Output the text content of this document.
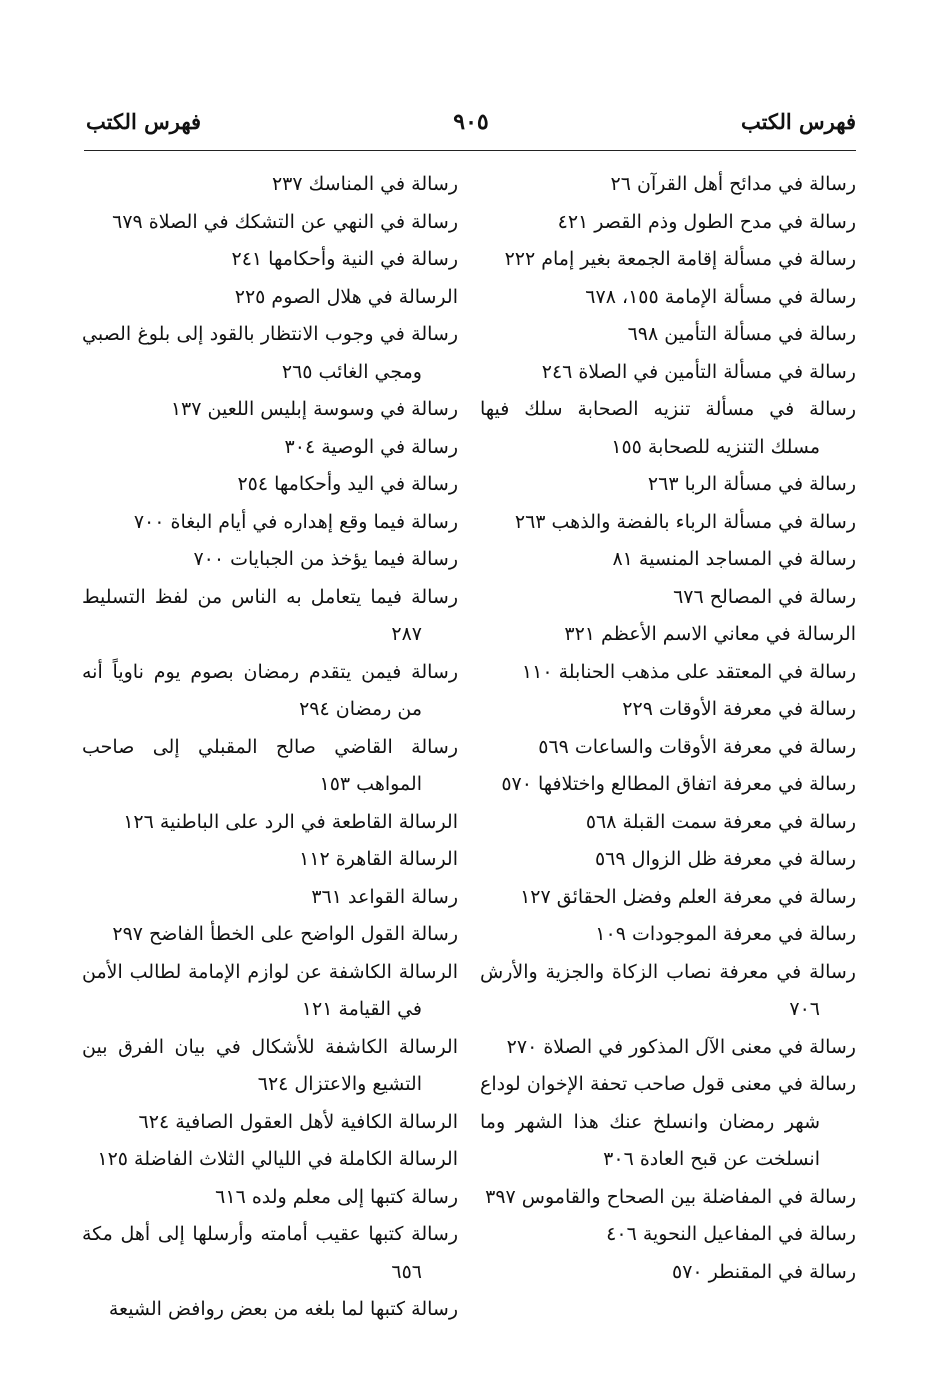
فهرس الكتب
٩٠٥
فهرس الكتب
رسالة في مدائح أهل القرآن ٢٦
رسالة في مدح الطول وذم القصر ٤٢١
رسالة في مسألة إقامة الجمعة بغير إمام ٢٢٢
رسالة في مسألة الإمامة ١٥٥، ٦٧٨
رسالة في مسألة التأمين ٦٩٨
رسالة في مسألة التأمين في الصلاة ٢٤٦
رسالة في مسألة تنزيه الصحابة سلك فيها مسلك التنزيه للصحابة ١٥٥
رسالة في مسألة الربا ٢٦٣
رسالة في مسألة الرباء بالفضة والذهب ٢٦٣
رسالة في المساجد المنسية ٨١
رسالة في المصالح ٦٧٦
الرسالة في معاني الاسم الأعظم ٣٢١
رسالة في المعتقد على مذهب الحنابلة ١١٠
رسالة في معرفة الأوقات ٢٢٩
رسالة في معرفة الأوقات والساعات ٥٦٩
رسالة في معرفة اتفاق المطالع واختلافها ٥٧٠
رسالة في معرفة سمت القبلة ٥٦٨
رسالة في معرفة ظل الزوال ٥٦٩
رسالة في معرفة العلم وفضل الحقائق ١٢٧
رسالة في معرفة الموجودات ١٠٩
رسالة في معرفة نصاب الزكاة والجزية والأرش ٧٠٦
رسالة في معنى الآل المذكور في الصلاة ٢٧٠
رسالة في معنى قول صاحب تحفة الإخوان لوداع شهر رمضان وانسلخ عنك هذا الشهر وما انسلخت عن قبح العادة ٣٠٦
رسالة في المفاضلة بين الصحاح والقاموس ٣٩٧
رسالة في المفاعيل النحوية ٤٠٦
رسالة في المقنطر ٥٧٠
رسالة في المناسك ٢٣٧
رسالة في النهي عن التشكك في الصلاة ٦٧٩
رسالة في النية وأحكامها ٢٤١
الرسالة في هلال الصوم ٢٢٥
رسالة في وجوب الانتظار بالقود إلى بلوغ الصبي ومجي الغائب ٢٦٥
رسالة في وسوسة إبليس اللعين ١٣٧
رسالة في الوصية ٣٠٤
رسالة في اليد وأحكامها ٢٥٤
رسالة فيما وقع إهداره في أيام البغاة ٧٠٠
رسالة فيما يؤخذ من الجبايات ٧٠٠
رسالة فيما يتعامل به الناس من لفظ التسليط ٢٨٧
رسالة فيمن يتقدم رمضان بصوم يوم ناوياً أنه من رمضان ٢٩٤
رسالة القاضي صالح المقبلي إلى صاحب المواهب ١٥٣
الرسالة القاطعة في الرد على الباطنية ١٢٦
الرسالة القاهرة ١١٢
رسالة القواعد ٣٦١
رسالة القول الواضح على الخطأ الفاضح ٢٩٧
الرسالة الكاشفة عن لوازم الإمامة لطالب الأمن في القيامة ١٢١
الرسالة الكاشفة للأشكال في بيان الفرق بين التشيع والاعتزال ٦٢٤
الرسالة الكافية لأهل العقول الصافية ٦٢٤
الرسالة الكاملة في الليالي الثلاث الفاضلة ١٢٥
رسالة كتبها إلى معلم ولده ٦١٦
رسالة كتبها عقيب أمامته وأرسلها إلى أهل مكة ٦٥٦
رسالة كتبها لما بلغه من بعض روافض الشيعة
